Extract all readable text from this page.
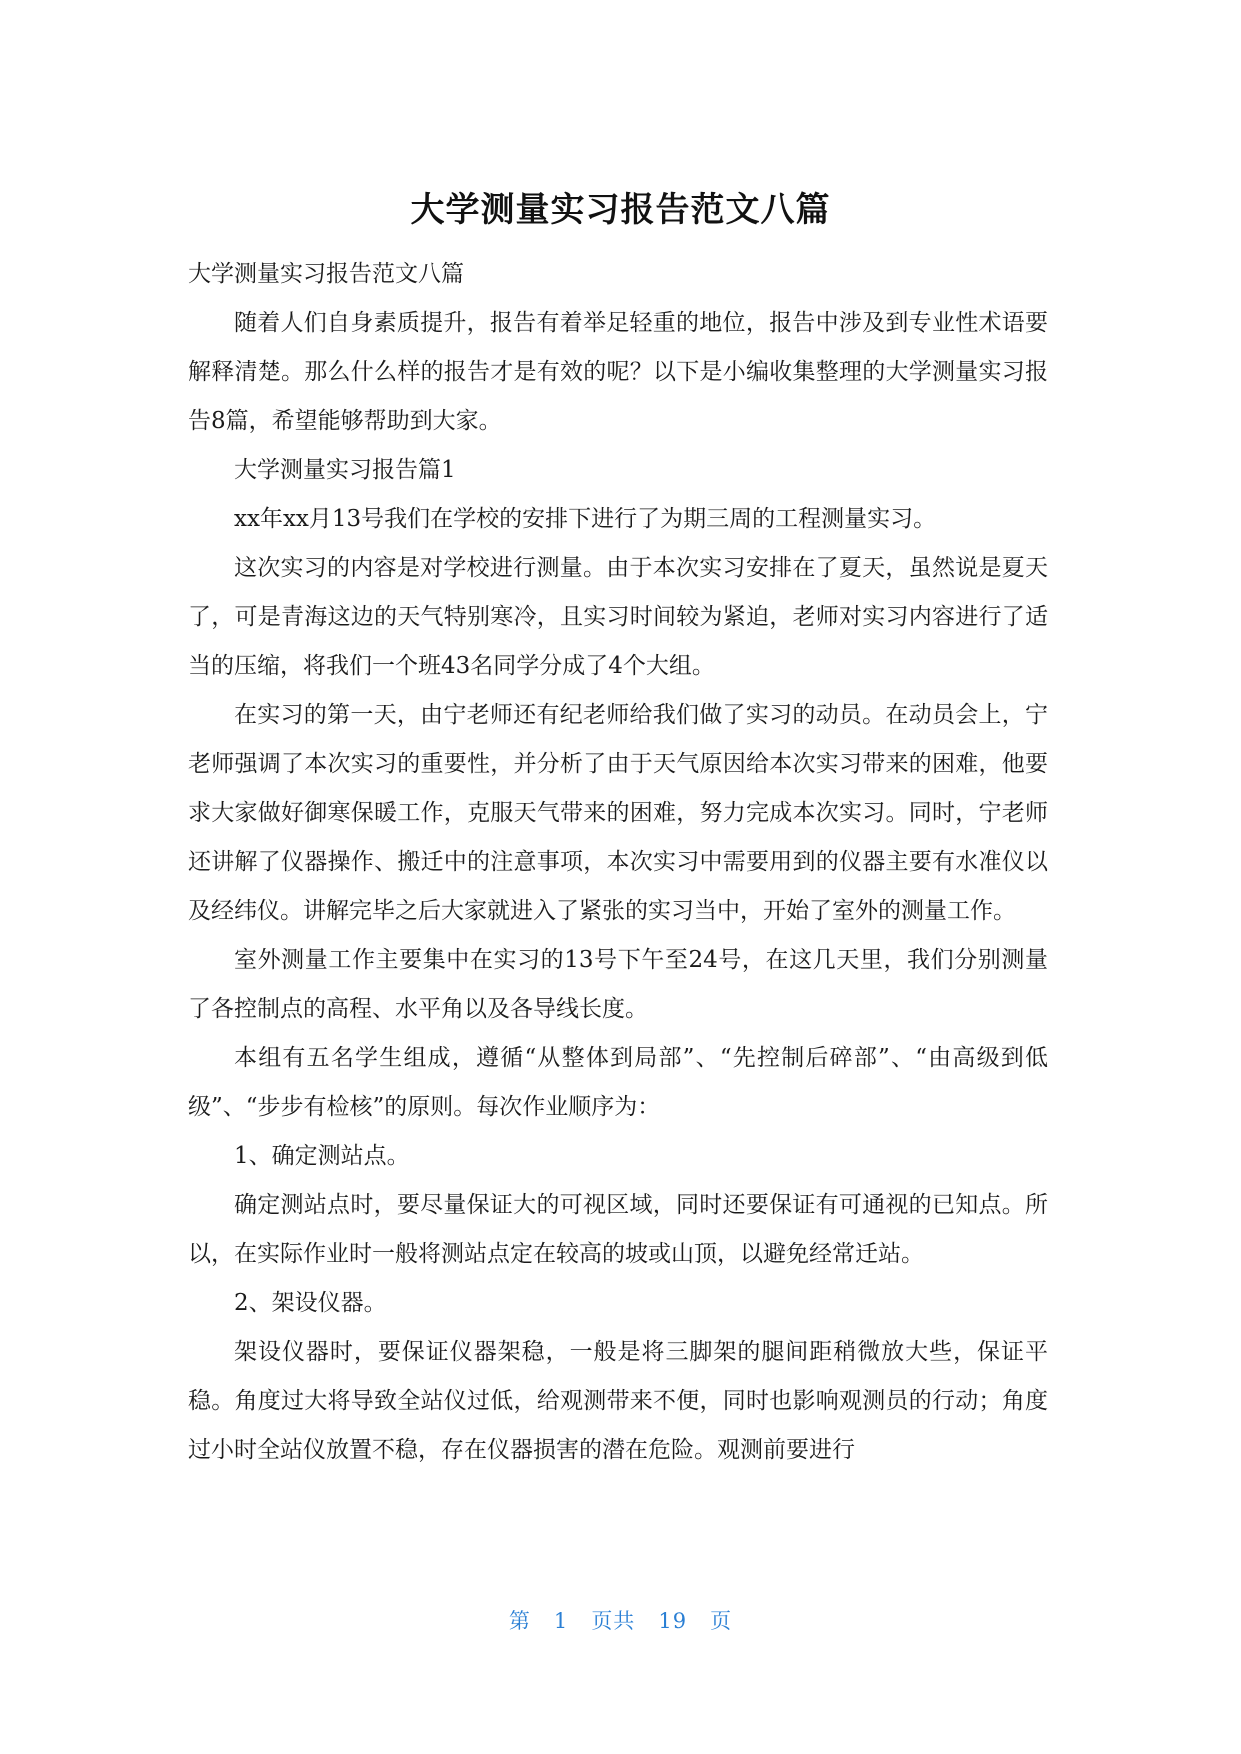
大学测量实习报告范文八篇

大学测量实习报告范文八篇

随着人们自身素质提升，报告有着举足轻重的地位，报告中涉及到专业性术语要解释清楚。那么什么样的报告才是有效的呢？以下是小编收集整理的大学测量实习报告8篇，希望能够帮助到大家。

大学测量实习报告篇1

xx年xx月13号我们在学校的安排下进行了为期三周的工程测量实习。

这次实习的内容是对学校进行测量。由于本次实习安排在了夏天，虽然说是夏天了，可是青海这边的天气特别寒冷，且实习时间较为紧迫，老师对实习内容进行了适当的压缩，将我们一个班43名同学分成了4个大组。

在实习的第一天，由宁老师还有纪老师给我们做了实习的动员。在动员会上，宁老师强调了本次实习的重要性，并分析了由于天气原因给本次实习带来的困难，他要求大家做好御寒保暖工作，克服天气带来的困难，努力完成本次实习。同时，宁老师还讲解了仪器操作、搬迁中的注意事项，本次实习中需要用到的仪器主要有水准仪以及经纬仪。讲解完毕之后大家就进入了紧张的实习当中，开始了室外的测量工作。

室外测量工作主要集中在实习的13号下午至24号，在这几天里，我们分别测量了各控制点的高程、水平角以及各导线长度。

本组有五名学生组成，遵循“从整体到局部”、“先控制后碎部”、“由高级到低级”、“步步有检核”的原则。每次作业顺序为：

1、确定测站点。

确定测站点时，要尽量保证大的可视区域，同时还要保证有可通视的已知点。所以，在实际作业时一般将测站点定在较高的坡或山顶，以避免经常迁站。

2、架设仪器。

架设仪器时，要保证仪器架稳，一般是将三脚架的腿间距稍微放大些，保证平稳。角度过大将导致全站仪过低，给观测带来不便，同时也影响观测员的行动；角度过小时全站仪放置不稳，存在仪器损害的潜在危险。观测前要进行

第 1 页共 19 页
